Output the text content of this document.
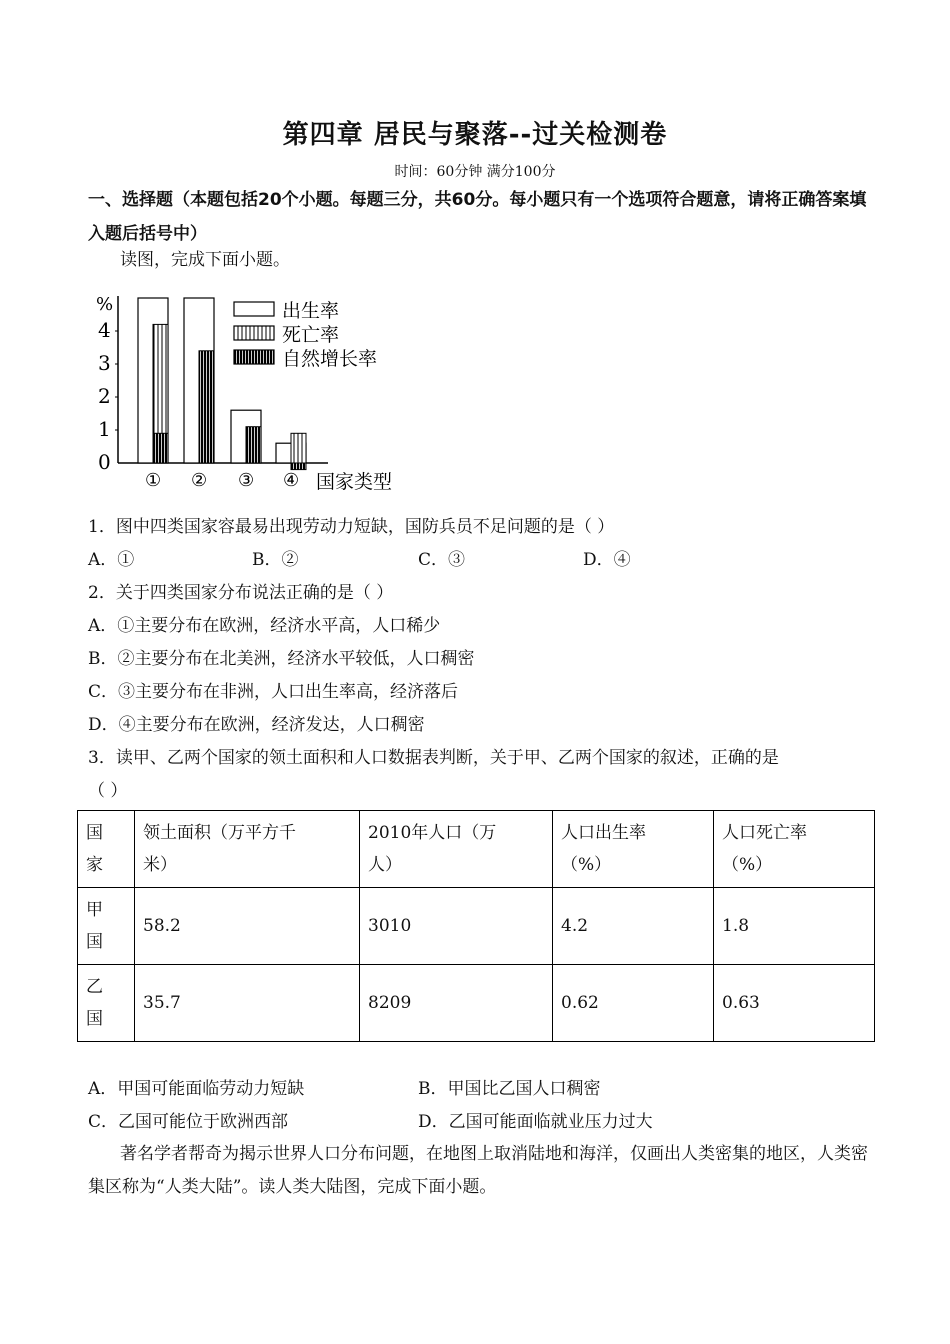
第四章 居民与聚落--过关检测卷
时间：60分钟 满分100分
一、选择题（本题包括20个小题。每题三分，共60分。每小题只有一个选项符合题意，请将正确答案填入题后括号中）
读图，完成下面小题。
%
0
1
2
3
4
国家类型
① ② ③ ④
出生率
死亡率
自然增长率
1．图中四类国家容最易出现劳动力短缺，国防兵员不足问题的是（ ）
A．①	B．②	C．③	D．④
2．关于四类国家分布说法正确的是（ ）
A．①主要分布在欧洲，经济水平高，人口稀少
B．②主要分布在北美洲，经济水平较低，人口稠密
C．③主要分布在非洲，人口出生率高，经济落后
D．④主要分布在欧洲，经济发达，人口稠密
3．读甲、乙两个国家的领土面积和人口数据表判断，关于甲、乙两个国家的叙述，正确的是
（ ）
国
家	领土面积（万平方千
米）	2010年人口（万
人）	人口出生率
（%）	人口死亡率
（%）
甲
国	58.2	3010	4.2	1.8
乙
国	35.7	8209	0.62	0.63
A．甲国可能面临劳动力短缺	B．甲国比乙国人口稠密
C．乙国可能位于欧洲西部	D．乙国可能面临就业压力过大
著名学者帮奇为揭示世界人口分布问题，在地图上取消陆地和海洋，仅画出人类密集的地区，人类密集区称为“人类大陆”。读人类大陆图，完成下面小题。
